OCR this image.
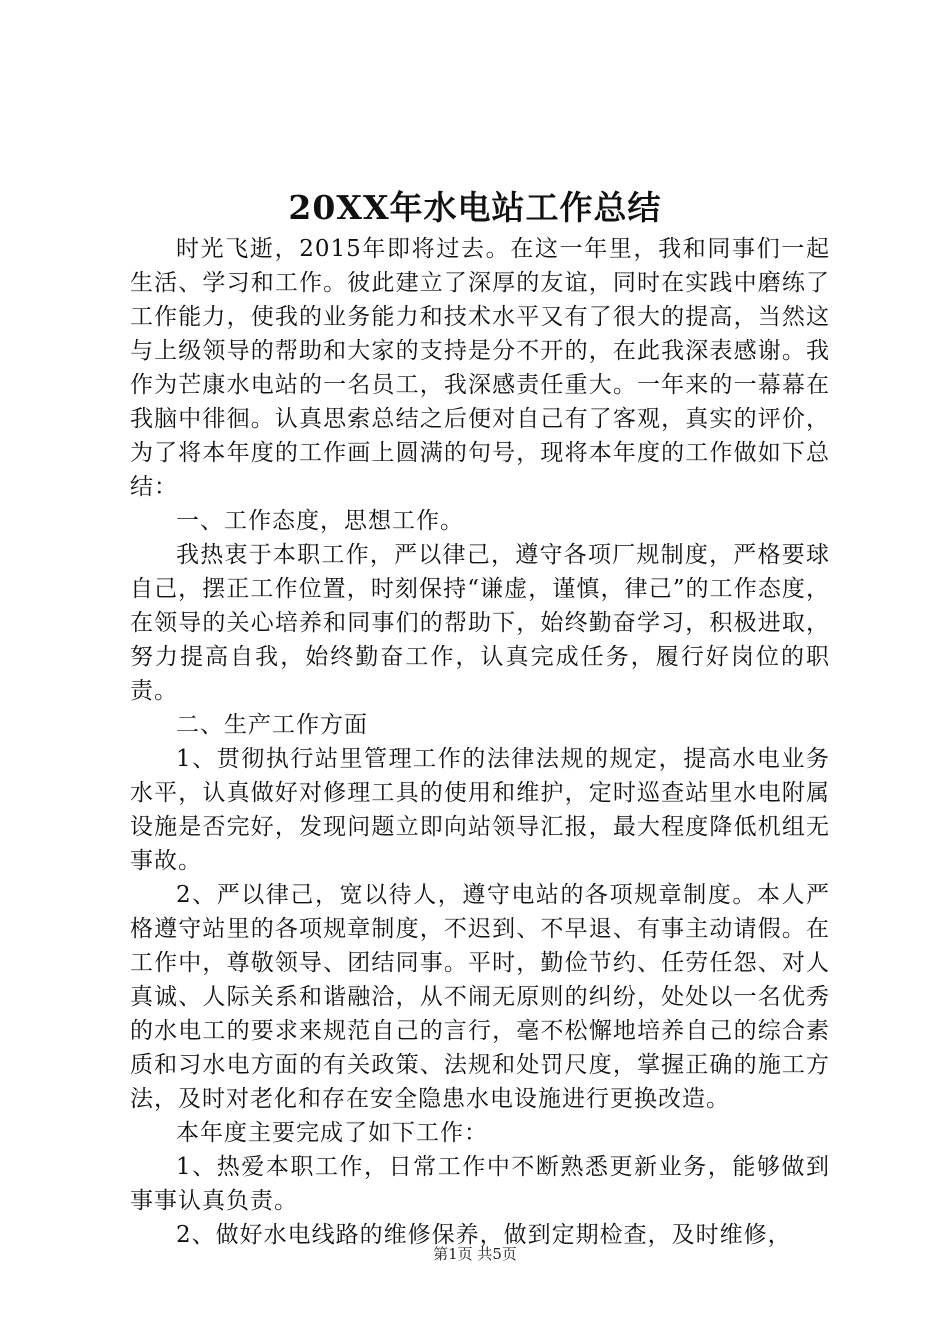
20XX年水电站工作总结

时光飞逝，2015年即将过去。在这一年里，我和同事们一起生活、学习和工作。彼此建立了深厚的友谊，同时在实践中磨练了工作能力，使我的业务能力和技术水平又有了很大的提高，当然这与上级领导的帮助和大家的支持是分不开的，在此我深表感谢。我作为芒康水电站的一名员工，我深感责任重大。一年来的一幕幕在我脑中徘徊。认真思索总结之后便对自己有了客观，真实的评价，为了将本年度的工作画上圆满的句号，现将本年度的工作做如下总结：

一、工作态度，思想工作。

我热衷于本职工作，严以律己，遵守各项厂规制度，严格要球自己，摆正工作位置，时刻保持“谦虚，谨慎，律己”的工作态度，在领导的关心培养和同事们的帮助下，始终勤奋学习，积极进取，努力提高自我，始终勤奋工作，认真完成任务，履行好岗位的职责。

二、生产工作方面

1、贯彻执行站里管理工作的法律法规的规定，提高水电业务水平，认真做好对修理工具的使用和维护，定时巡查站里水电附属设施是否完好，发现问题立即向站领导汇报，最大程度降低机组无事故。

2、严以律己，宽以待人，遵守电站的各项规章制度。本人严格遵守站里的各项规章制度，不迟到、不早退、有事主动请假。在工作中，尊敬领导、团结同事。平时，勤俭节约、任劳任怨、对人真诚、人际关系和谐融洽，从不闹无原则的纠纷，处处以一名优秀的水电工的要求来规范自己的言行，毫不松懈地培养自己的综合素质和习水电方面的有关政策、法规和处罚尺度，掌握正确的施工方法，及时对老化和存在安全隐患水电设施进行更换改造。

本年度主要完成了如下工作：

1、热爱本职工作，日常工作中不断熟悉更新业务，能够做到事事认真负责。

2、做好水电线路的维修保养，做到定期检查，及时维修，

第1页 共5页
